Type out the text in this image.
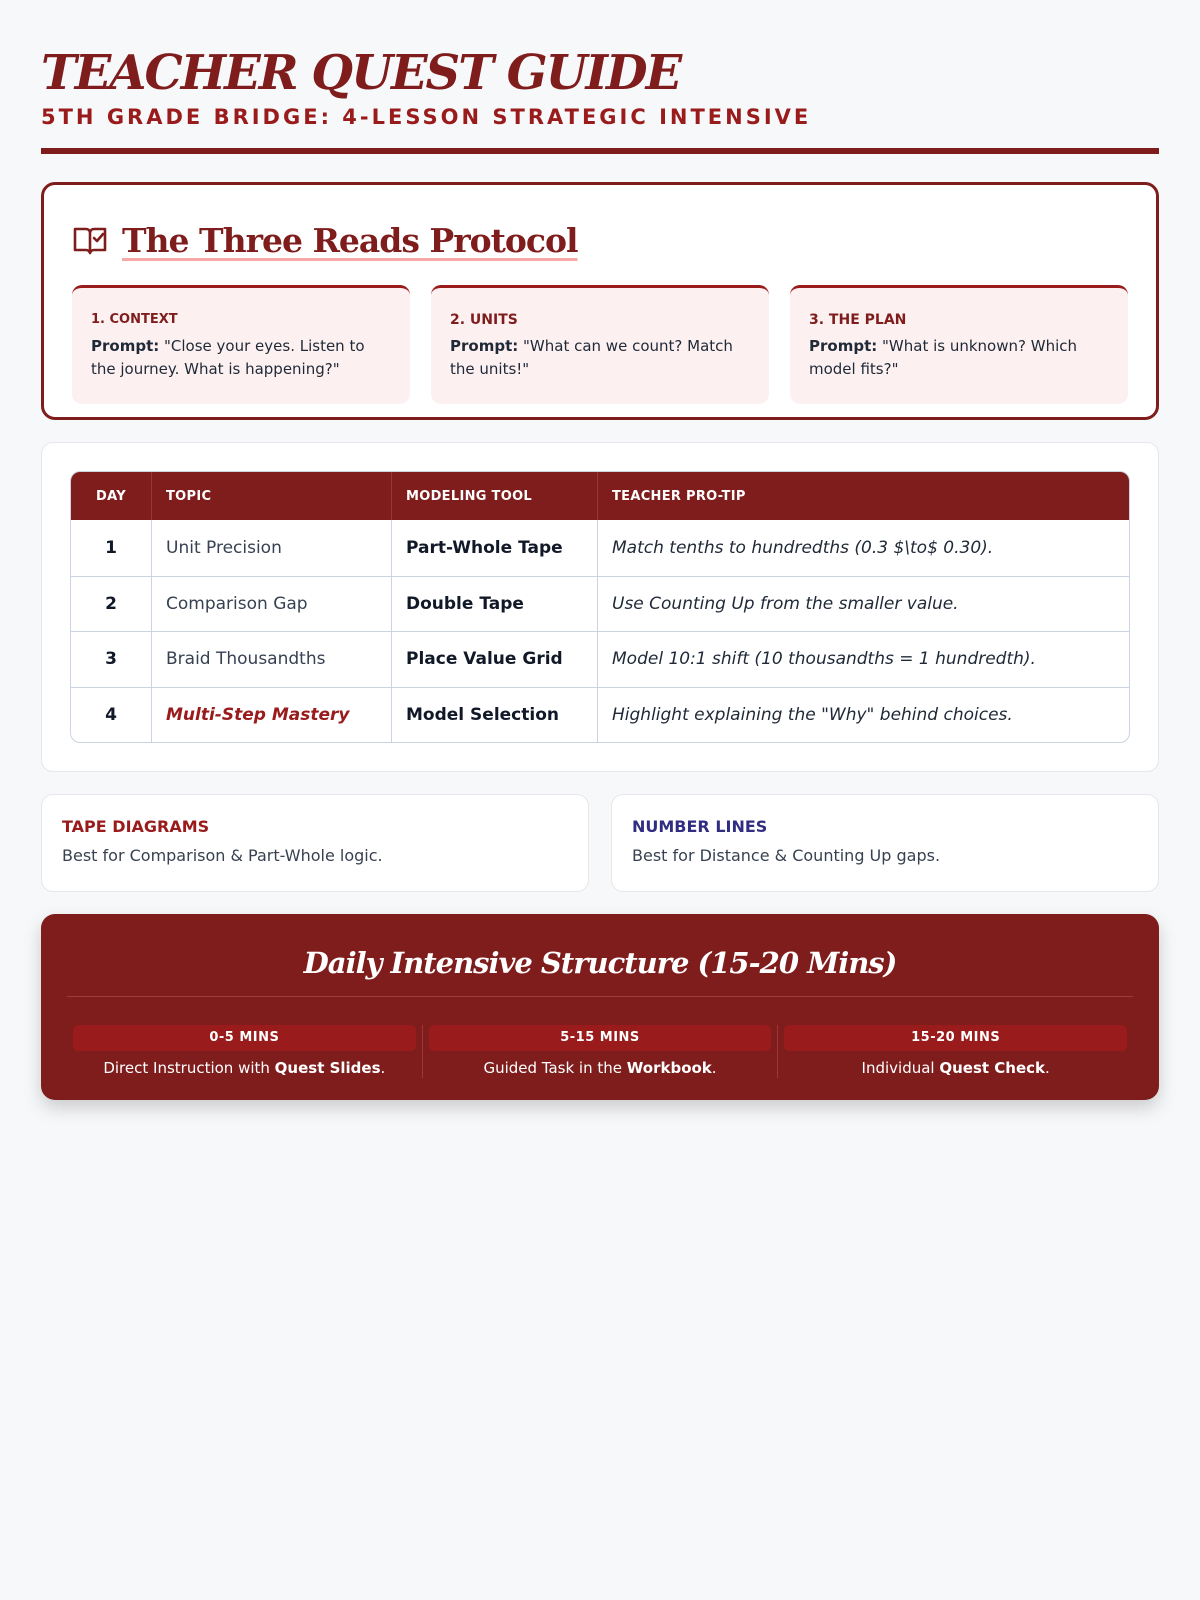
TEACHER QUEST GUIDE
5TH GRADE BRIDGE: 4-LESSON STRATEGIC INTENSIVE
The Three Reads Protocol
1. CONTEXT
Prompt: "Close your eyes. Listen to the journey. What is happening?"
2. UNITS
Prompt: "What can we count? Match the units!"
3. THE PLAN
Prompt: "What is unknown? Which model fits?"
DAY	TOPIC	MODELING TOOL	TEACHER PRO-TIP
1	Unit Precision	Part-Whole Tape	Match tenths to hundredths (0.3 $\to$ 0.30).
2	Comparison Gap	Double Tape	Use Counting Up from the smaller value.
3	Braid Thousandths	Place Value Grid	Model 10:1 shift (10 thousandths = 1 hundredth).
4	Multi-Step Mastery	Model Selection	Highlight explaining the "Why" behind choices.
TAPE DIAGRAMS
Best for Comparison & Part-Whole logic.
NUMBER LINES
Best for Distance & Counting Up gaps.
Daily Intensive Structure (15-20 Mins)
0-5 MINS
Direct Instruction with Quest Slides.
5-15 MINS
Guided Task in the Workbook.
15-20 MINS
Individual Quest Check.
